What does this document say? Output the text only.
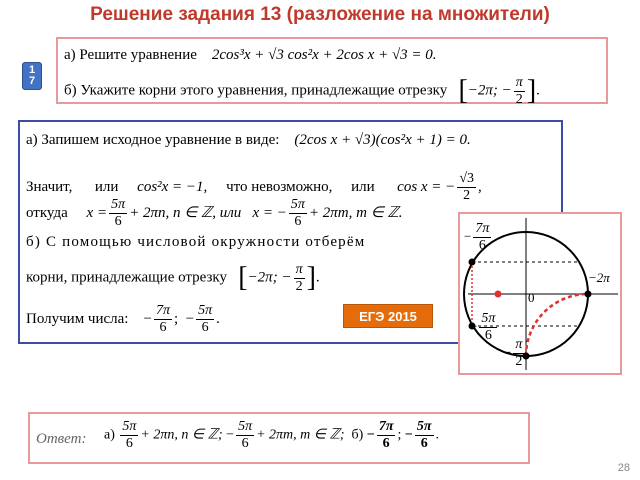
Решение задания 13 (разложение на множители)
1
7
а) Решите уравнение 2cos³x + √3 cos²x + 2cos x + √3 = 0.
б) Укажите корни этого уравнения, принадлежащие отрезку [−2π; − $\frac{\pi}{2}$ ].
а) Запишем исходное уравнение в виде: (2cos x + √3)(cos²x + 1) = 0.
Значит, или cos²x = −1, что невозможно, или cos x = − $\frac{√3}{2}$ ,
откуда $x = \frac{5\pi}{6} + 2\pi n$, n ∈ ℤ, или x = − $\frac{5\pi}{6} + 2\pi m$, m ∈ ℤ.
б) С помощью числовой окружности отберём
корни, принадлежащие отрезку [−2π; − $\frac{\pi}{2}$ ].
Получим числа:    − $\frac{7\pi}{6}$ ;  − $\frac{5\pi}{6}$ .	ЕГЭ 2015
− $\frac{7\pi}{6}$
−2π
0
− $\frac{5\pi}{6}$
− $\frac{\pi}{2}$
Ответ: $а) \frac{5\pi}{6} + 2\pi n$, n ∈ ℤ; − $\frac{5\pi}{6} + 2\pi m$, m ∈ ℤ; $б) - \frac{7\pi}{6}$ ; − $\frac{5\pi}{6}$ .
28
